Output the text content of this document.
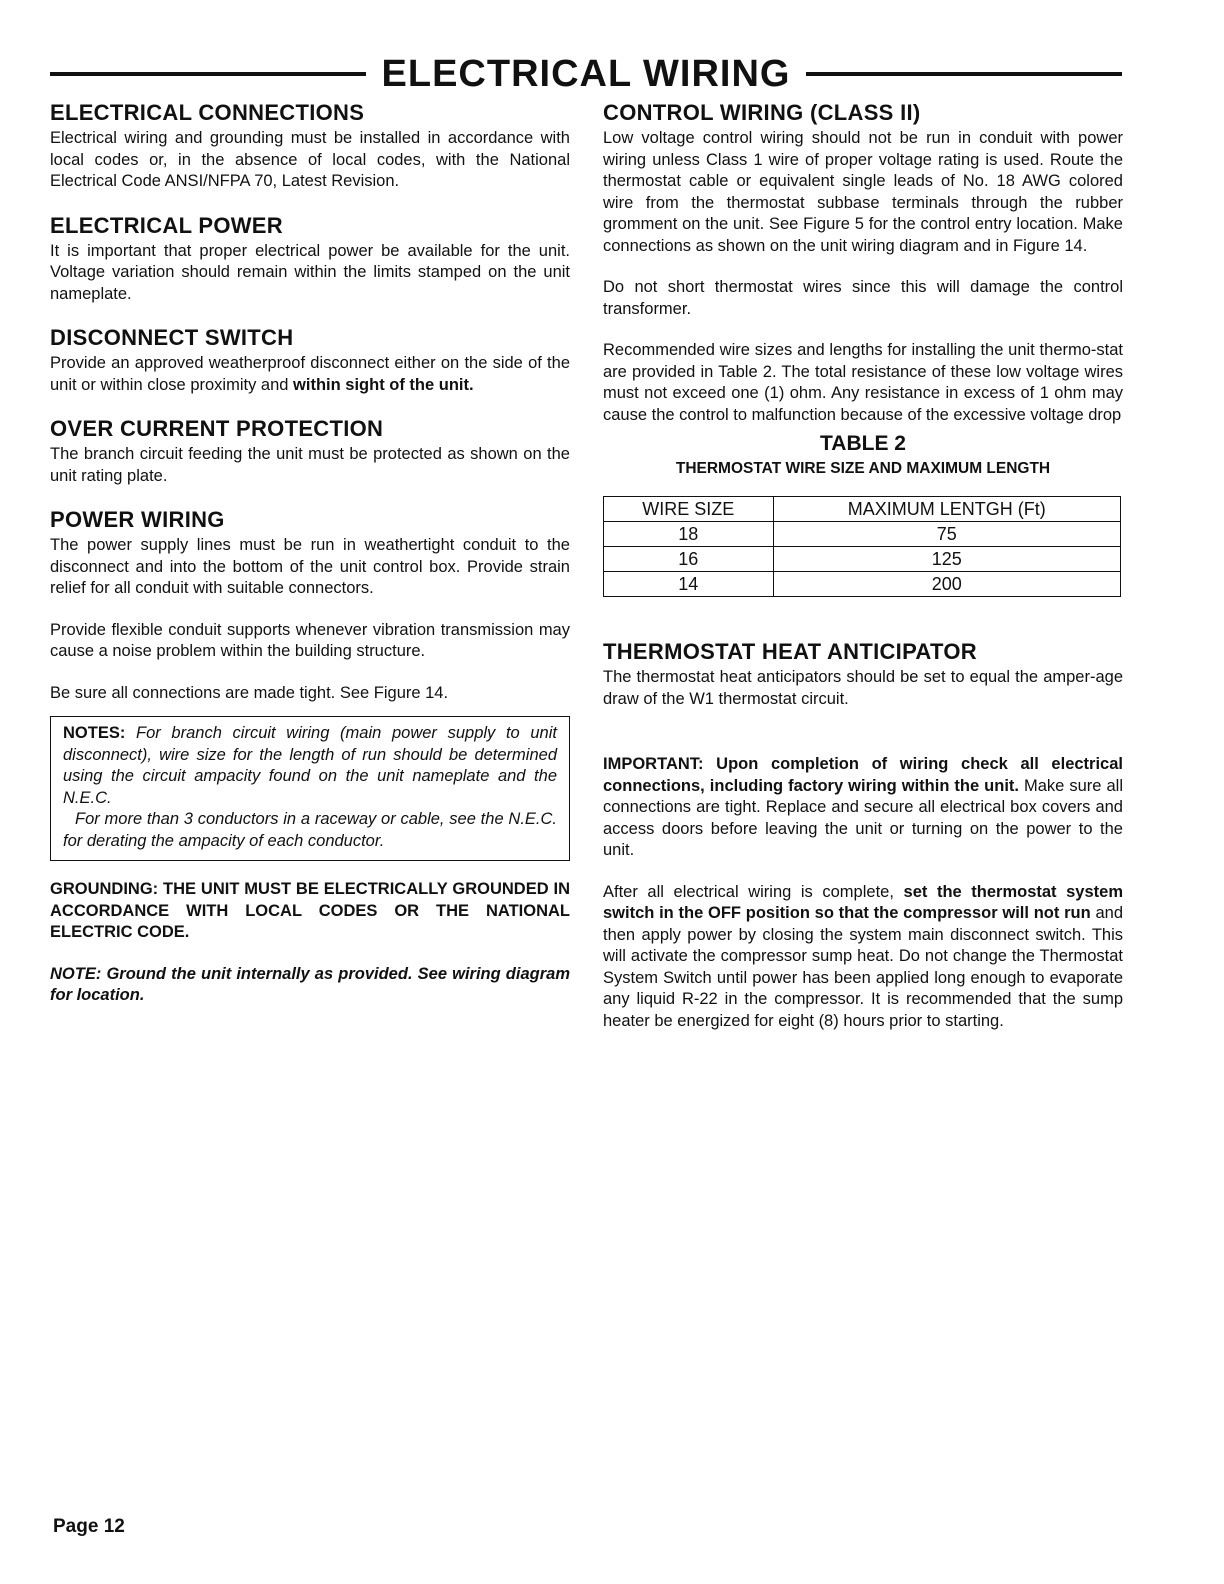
ELECTRICAL WIRING
ELECTRICAL CONNECTIONS

Electrical wiring and grounding must be installed in accordance with local codes or, in the absence of local codes, with the National Electrical Code ANSI/NFPA 70, Latest Revision.

ELECTRICAL POWER

It is important that proper electrical power be available for the unit. Voltage variation should remain within the limits stamped on the unit nameplate.

DISCONNECT SWITCH

Provide an approved weatherproof disconnect either on the side of the unit or within close proximity and within sight of the unit.

OVER CURRENT PROTECTION

The branch circuit feeding the unit must be protected as shown on the unit rating plate.

POWER WIRING

The power supply lines must be run in weathertight conduit to the disconnect and into the bottom of the unit control box. Provide strain relief for all conduit with suitable connectors.

Provide flexible conduit supports whenever vibration transmission may cause a noise problem within the building structure.

Be sure all connections are made tight. See Figure 14.

NOTES: For branch circuit wiring (main power supply to unit disconnect), wire size for the length of run should be determined using the circuit ampacity found on the unit nameplate and the N.E.C.

For more than 3 conductors in a raceway or cable, see the N.E.C. for derating the ampacity of each conductor.

GROUNDING: THE UNIT MUST BE ELECTRICALLY GROUNDED IN ACCORDANCE WITH LOCAL CODES OR THE NATIONAL ELECTRIC CODE.

NOTE: Ground the unit internally as provided. See wiring diagram for location.

CONTROL WIRING (CLASS II)

Low voltage control wiring should not be run in conduit with power wiring unless Class 1 wire of proper voltage rating is used. Route the thermostat cable or equivalent single leads of No. 18 AWG colored wire from the thermostat subbase terminals through the rubber gromment on the unit. See Figure 5 for the control entry location. Make connections as shown on the unit wiring diagram and in Figure 14.

Do not short thermostat wires since this will damage the control transformer.

Recommended wire sizes and lengths for installing the unit thermo-stat are provided in Table 2. The total resistance of these low voltage wires must not exceed one (1) ohm. Any resistance in excess of 1 ohm may cause the control to malfunction because of the excessive voltage drop

TABLE 2
THERMOSTAT WIRE SIZE AND MAXIMUM LENGTH
WIRE SIZE	MAXIMUM LENTGH (Ft)
18	75
16	125
14	200
THERMOSTAT HEAT ANTICIPATOR

The thermostat heat anticipators should be set to equal the amper-age draw of the W1 thermostat circuit.

IMPORTANT: Upon completion of wiring check all electrical connections, including factory wiring within the unit. Make sure all connections are tight. Replace and secure all electrical box covers and access doors before leaving the unit or turning on the power to the unit.

After all electrical wiring is complete, set the thermostat system switch in the OFF position so that the compressor will not run and then apply power by closing the system main disconnect switch. This will activate the compressor sump heat. Do not change the Thermostat System Switch until power has been applied long enough to evaporate any liquid R-22 in the compressor. It is recommended that the sump heater be energized for eight (8) hours prior to starting.

Page 12
